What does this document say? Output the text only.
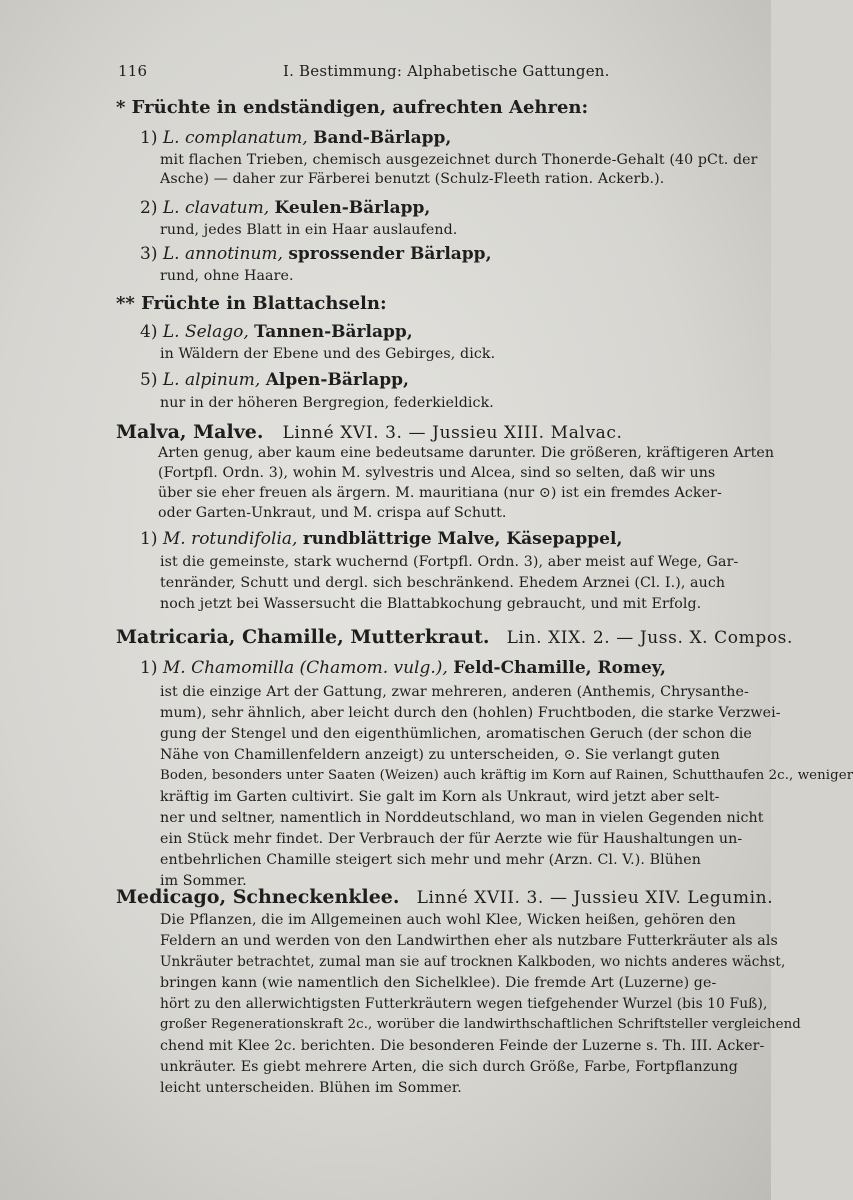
116	I. Bestimmung: Alphabetische Gattungen.
* Früchte in endständigen, aufrechten Aehren:
1) L. complanatum, Band-Bärlapp,
mit flachen Trieben, chemisch ausgezeichnet durch Thonerde-Gehalt (40 pCt. der
Asche) — daher zur Färberei benutzt (Schulz-Fleeth ration. Ackerb.).
2) L. clavatum, Keulen-Bärlapp,
rund, jedes Blatt in ein Haar auslaufend.
3) L. annotinum, sprossender Bärlapp,
rund, ohne Haare.
** Früchte in Blattachseln:
4) L. Selago, Tannen-Bärlapp,
in Wäldern der Ebene und des Gebirges, dick.
5) L. alpinum, Alpen-Bärlapp,
nur in der höheren Bergregion, federkieldick.
Malva, Malve. Linné XVI. 3. — Jussieu XIII. Malvac.
Arten genug, aber kaum eine bedeutsame darunter. Die größeren, kräftigeren Arten
(Fortpfl. Ordn. 3), wohin M. sylvestris und Alcea, sind so selten, daß wir uns
über sie eher freuen als ärgern. M. mauritiana (nur ⊙) ist ein fremdes Acker-
oder Garten-Unkraut, und M. crispa auf Schutt.
1) M. rotundifolia, rundblättrige Malve, Käsepappel,
ist die gemeinste, stark wuchernd (Fortpfl. Ordn. 3), aber meist auf Wege, Gar-
tenränder, Schutt und dergl. sich beschränkend. Ehedem Arznei (Cl. I.), auch
noch jetzt bei Wassersucht die Blattabkochung gebraucht, und mit Erfolg.
Matricaria, Chamille, Mutterkraut. Lin. XIX. 2. — Juss. X. Compos.
1) M. Chamomilla (Chamom. vulg.), Feld-Chamille, Romey,
ist die einzige Art der Gattung, zwar mehreren, anderen (Anthemis, Chrysanthe-
mum), sehr ähnlich, aber leicht durch den (hohlen) Fruchtboden, die starke Verzwei-
gung der Stengel und den eigenthümlichen, aromatischen Geruch (der schon die
Nähe von Chamillenfeldern anzeigt) zu unterscheiden, ⊙. Sie verlangt guten
Boden, besonders unter Saaten (Weizen) auch kräftig im Korn auf Rainen, Schutthaufen 2c., weniger
kräftig im Garten cultivirt. Sie galt im Korn als Unkraut, wird jetzt aber selt-
ner und seltner, namentlich in Norddeutschland, wo man in vielen Gegenden nicht
ein Stück mehr findet. Der Verbrauch der für Aerzte wie für Haushaltungen un-
entbehrlichen Chamille steigert sich mehr und mehr (Arzn. Cl. V.). Blühen
im Sommer.
Medicago, Schneckenklee. Linné XVII. 3. — Jussieu XIV. Legumin.
Die Pflanzen, die im Allgemeinen auch wohl Klee, Wicken heißen, gehören den
Feldern an und werden von den Landwirthen eher als nutzbare Futterkräuter als als
Unkräuter betrachtet, zumal man sie auf trocknen Kalkboden, wo nichts anderes wächst,
bringen kann (wie namentlich den Sichelklee). Die fremde Art (Luzerne) ge-
hört zu den allerwichtigsten Futterkräutern wegen tiefgehender Wurzel (bis 10 Fuß),
großer Regenerationskraft 2c., worüber die landwirthschaftlichen Schriftsteller vergleichend
chend mit Klee 2c. berichten. Die besonderen Feinde der Luzerne s. Th. III. Acker-
unkräuter. Es giebt mehrere Arten, die sich durch Größe, Farbe, Fortpflanzung
leicht unterscheiden. Blühen im Sommer.
